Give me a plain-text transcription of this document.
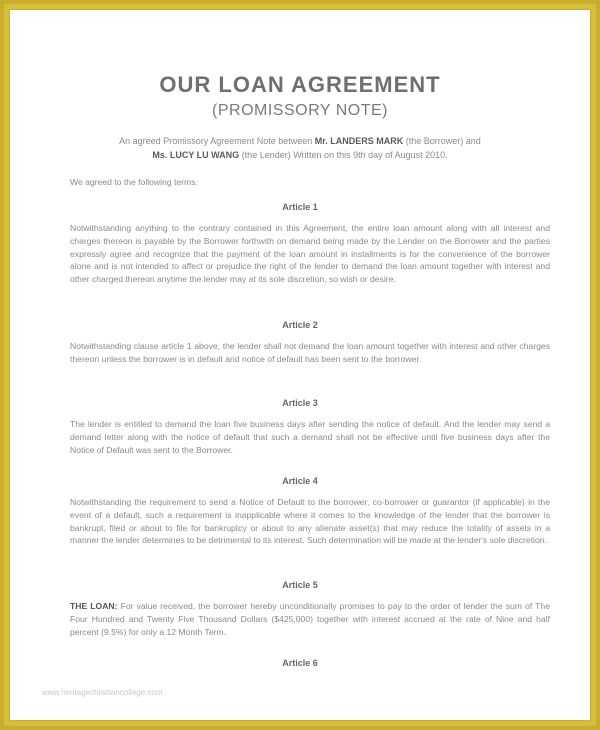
OUR LOAN AGREEMENT
(PROMISSORY NOTE)
An agreed Promissory Agreement Note between Mr. LANDERS MARK (the Borrower) and
Ms. LUCY LU WANG (the Lender) Written on this 9th day of August 2010.
We agreed to the following terms.
Article 1
Notwithstanding anything to the contrary contained in this Agreement, the entire loan amount along with all interest and charges thereon is payable by the Borrower forthwith on demand being made by the Lender on the Borrower and the parties expressly agree and recognize that the payment of the loan amount in installments is for the convenience of the borrower alone and is not intended to affect or prejudice the right of the lender to demand the loan amount together with interest and other charged thereon anytime the lender may at its sole discretion, so wish or desire.
Article 2
Notwithstanding clause article 1 above, the lender shall not demand the loan amount together with interest and other charges thereon unless the borrower is in default and notice of default has been sent to the borrower.
Article 3
The lender is entitled to demand the loan five business days after sending the notice of default. And the lender may send a demand letter along with the notice of default that such a demand shall not be effective until five business days after the Notice of Default was sent to the Borrower.
Article 4
Notwithstanding the requirement to send a Notice of Default to the borrower, co-borrower or guarantor (if applicable) in the event of a default, such a requirement is inapplicable where it comes to the knowledge of the lender that the borrower is bankrupt, filed or about to file for bankruptcy or about to any alienate asset(s) that may reduce the totality of assets in a manner the lender determines to be detrimental to its interest. Such determination will be made at the lender's sole discretion.
Article 5
THE LOAN: For value received, the borrower hereby unconditionally promises to pay to the order of lender the sum of The Four Hundred and Twenty Five Thousand Dollars ($425,000) together with interest accrued at the rate of Nine and half percent (9.5%) for only a 12 Month Term.
Article 6
www.heritagechristiancollege.com
